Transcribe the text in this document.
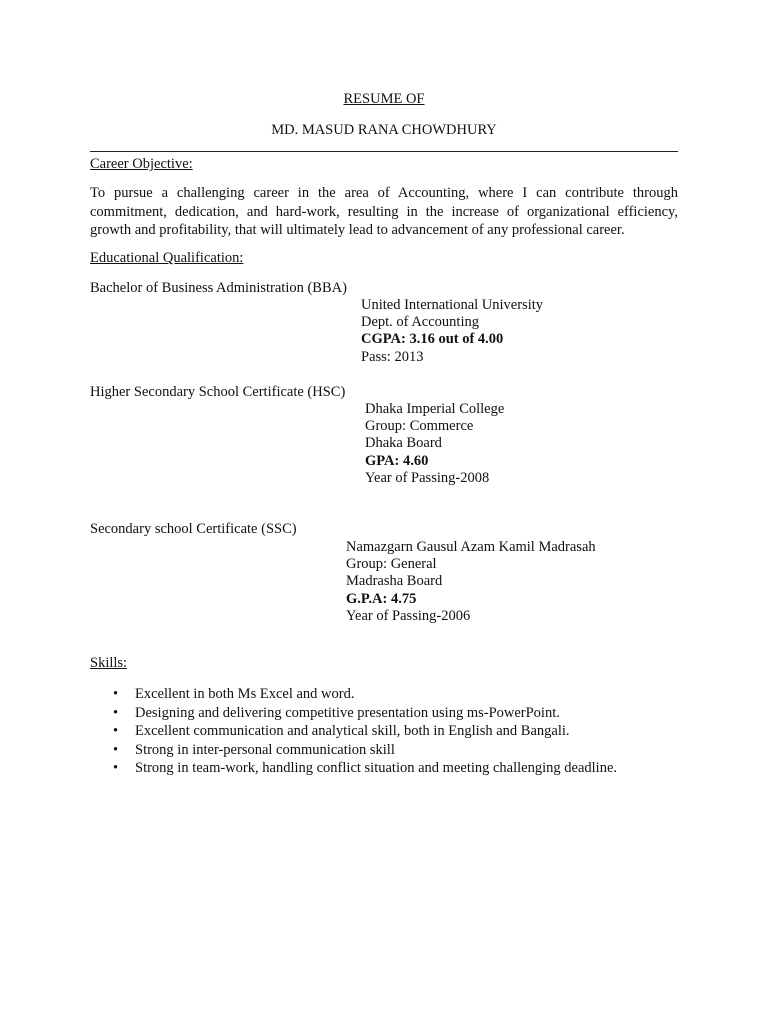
RESUME OF
MD. MASUD RANA CHOWDHURY
Career Objective:
To pursue a challenging career in the area of Accounting, where I can contribute through commitment, dedication, and hard-work, resulting in the increase of organizational efficiency, growth and profitability, that will ultimately lead to advancement of any professional career.
Educational Qualification:
Bachelor of Business Administration (BBA)
United International University
Dept. of Accounting
CGPA: 3.16 out of 4.00
Pass: 2013
Higher Secondary School Certificate (HSC)
Dhaka Imperial College
Group: Commerce
Dhaka Board
GPA: 4.60
Year of Passing-2008
Secondary school Certificate (SSC)
Namazgarn Gausul Azam Kamil Madrasah
Group: General
Madrasha Board
G.P.A: 4.75
Year of Passing-2006
Skills:
• Excellent in both Ms Excel and word.
• Designing and delivering competitive presentation using ms-PowerPoint.
• Excellent communication and analytical skill, both in English and Bangali.
• Strong in inter-personal communication skill
• Strong in team-work, handling conflict situation and meeting challenging deadline.
